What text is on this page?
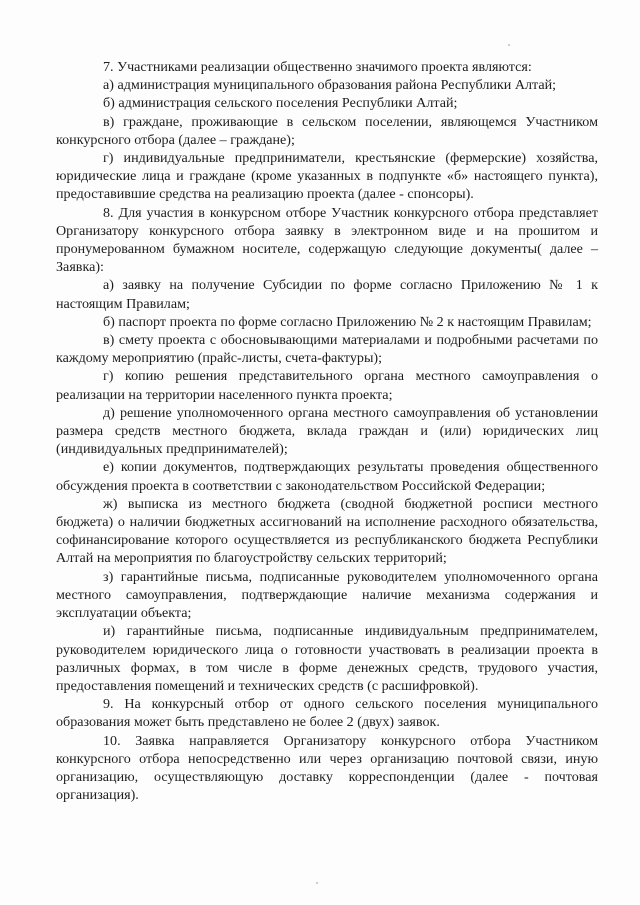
7. Участниками реализации общественно значимого проекта являются:

а) администрация муниципального образования района Республики Алтай;

б) администрация сельского поселения Республики Алтай;

в) граждане, проживающие в сельском поселении, являющемся Участником конкурсного отбора (далее – граждане);

г) индивидуальные предприниматели, крестьянские (фермерские) хозяйства, юридические лица и граждане (кроме указанных в подпункте «б» настоящего пункта), предоставившие средства на реализацию проекта (далее - спонсоры).

8. Для участия в конкурсном отборе Участник конкурсного отбора представляет Организатору конкурсного отбора заявку в электронном виде и на прошитом и пронумерованном бумажном носителе, содержащую следующие документы( далее – Заявка):

а) заявку на получение Субсидии по форме согласно Приложению № 1 к настоящим Правилам;

б) паспорт проекта по форме согласно Приложению № 2 к настоящим Правилам;

в) смету проекта с обосновывающими материалами и подробными расчетами по каждому мероприятию (прайс-листы, счета-фактуры);

г) копию решения представительного органа местного самоуправления о реализации на территории населенного пункта проекта;

д) решение уполномоченного органа местного самоуправления об установлении размера средств местного бюджета, вклада граждан и (или) юридических лиц (индивидуальных предпринимателей);

е) копии документов, подтверждающих результаты проведения общественного обсуждения проекта в соответствии с законодательством Российской Федерации;

ж) выписка из местного бюджета (сводной бюджетной росписи местного бюджета) о наличии бюджетных ассигнований на исполнение расходного обязательства, софинансирование которого осуществляется из республиканского бюджета Республики Алтай на мероприятия по благоустройству сельских территорий;

з) гарантийные письма, подписанные руководителем уполномоченного органа местного самоуправления, подтверждающие наличие механизма содержания и эксплуатации объекта;

и) гарантийные письма, подписанные индивидуальным предпринимателем, руководителем юридического лица о готовности участвовать в реализации проекта в различных формах, в том числе в форме денежных средств, трудового участия, предоставления помещений и технических средств (с расшифровкой).

9. На конкурсный отбор от одного сельского поселения муниципального образования может быть представлено не более 2 (двух) заявок.

10. Заявка направляется Организатору конкурсного отбора Участником конкурсного отбора непосредственно или через организацию почтовой связи, иную организацию, осуществляющую доставку корреспонденции (далее - почтовая организация).
